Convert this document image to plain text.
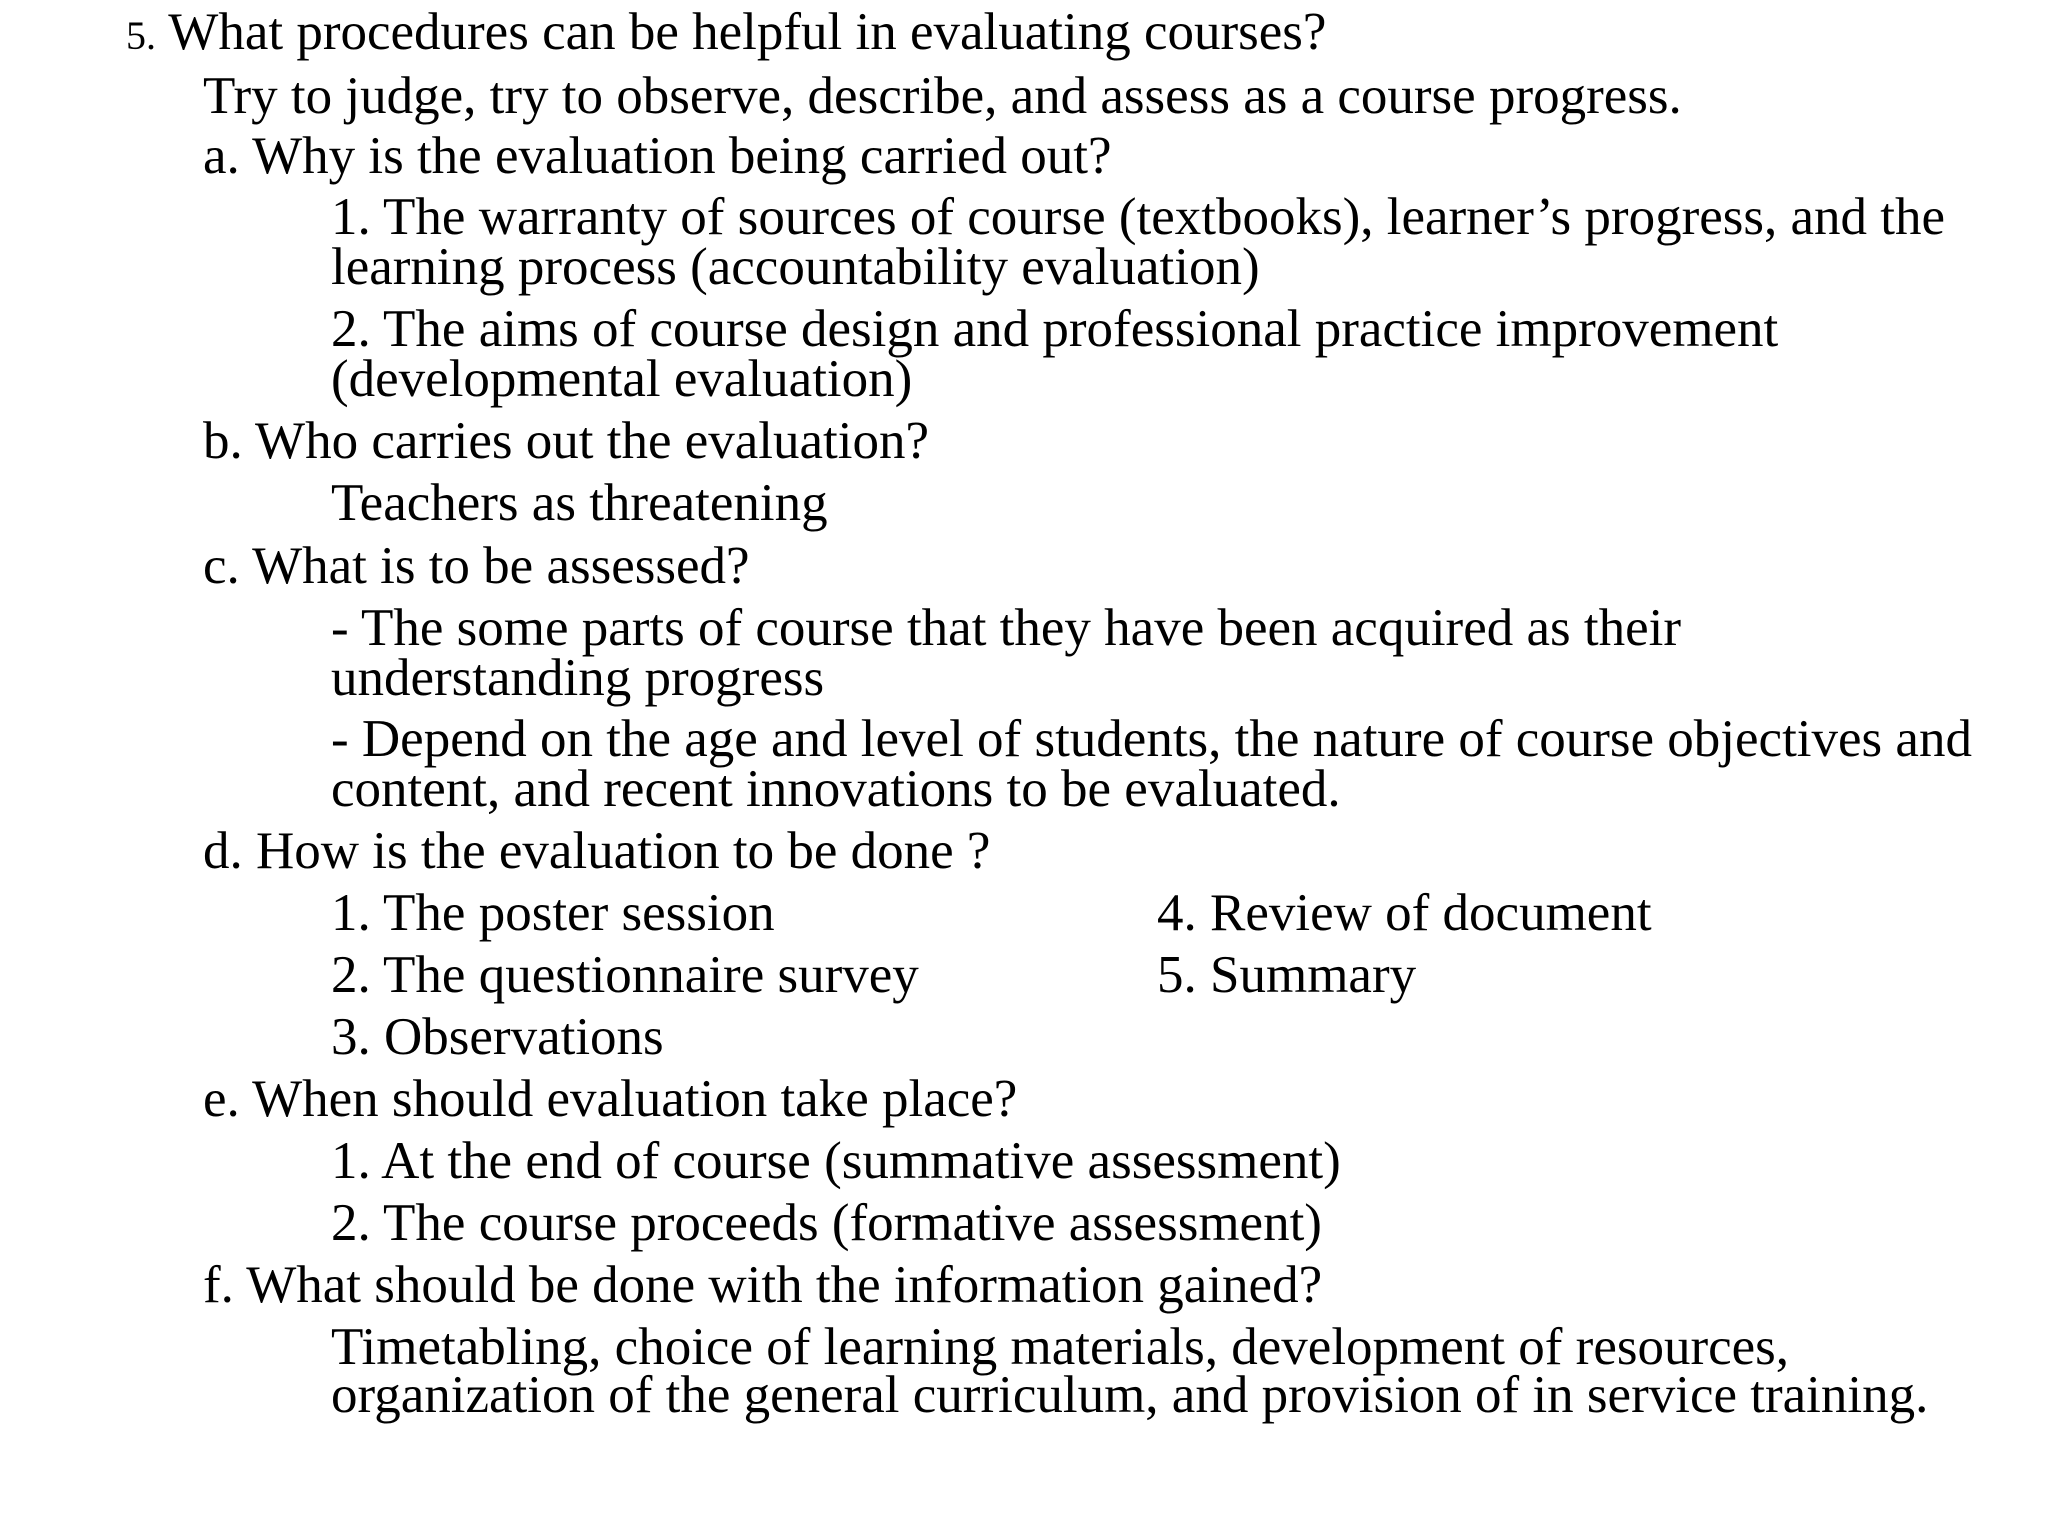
5. What procedures can be helpful in evaluating courses?
Try to judge, try to observe, describe, and assess as a course progress.
a. Why is the evaluation being carried out?
1. The warranty of sources of course (textbooks), learner’s progress, and the
learning process (accountability evaluation)
2. The aims of course design and professional practice improvement
(developmental evaluation)
b. Who carries out the evaluation?
Teachers as threatening
c. What is to be assessed?
- The some parts of course that they have been acquired as their
understanding progress
- Depend on the age and level of students, the nature of course objectives and
content, and recent innovations to be evaluated.
d. How is the evaluation to be done ?
1. The poster session	4. Review of document
2. The questionnaire survey	5. Summary
3. Observations
e. When should evaluation take place?
1. At the end of course (summative assessment)
2. The course proceeds (formative assessment)
f. What should be done with the information gained?
Timetabling, choice of learning materials, development of resources,
organization of the general curriculum, and provision of in service training.
